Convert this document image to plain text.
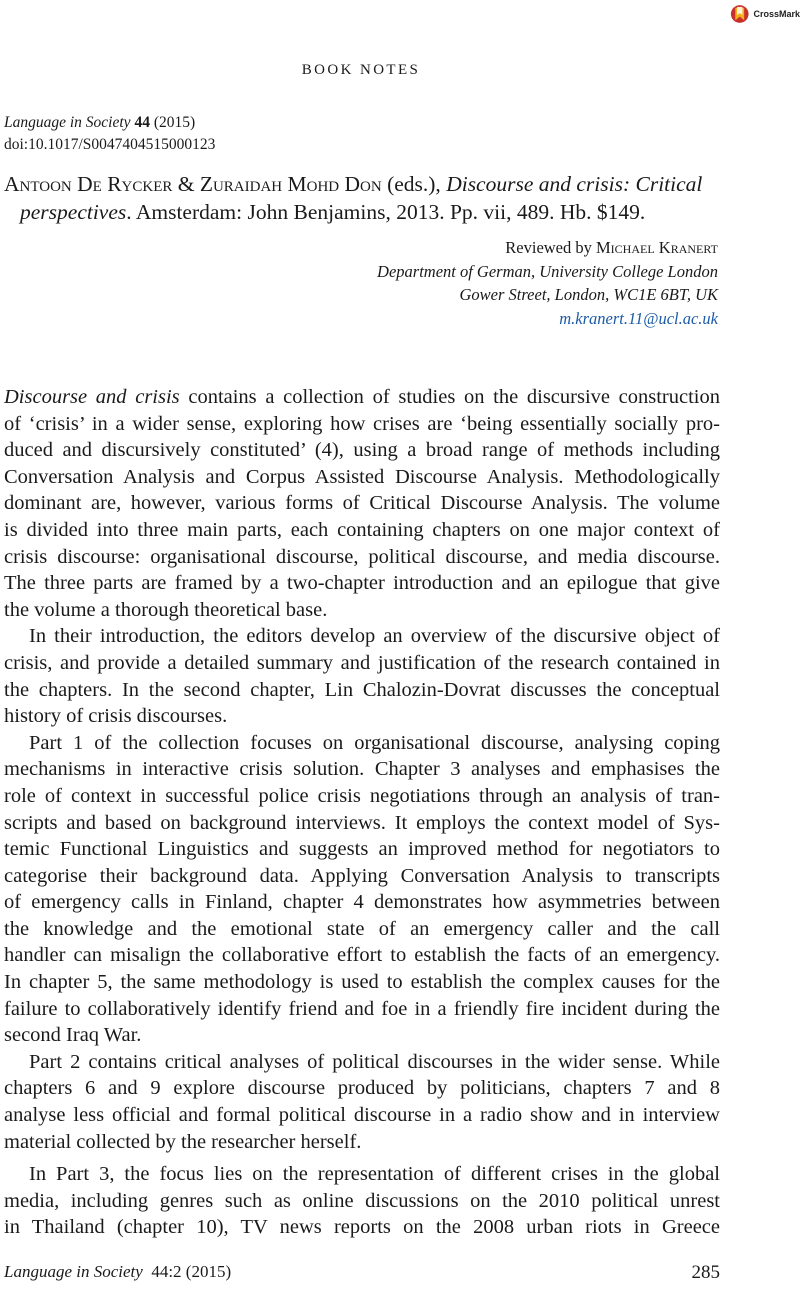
CrossMark
BOOK NOTES
Language in Society 44 (2015)
doi:10.1017/S0047404515000123
Antoon De Rycker & Zuraidah Mohd Don (eds.), Discourse and crisis: Critical
perspectives. Amsterdam: John Benjamins, 2013. Pp. vii, 489. Hb. $149.
Reviewed by Michael Kranert
Department of German, University College London
Gower Street, London, WC1E 6BT, UK
m.kranert.11@ucl.ac.uk

Discourse and crisis contains a collection of studies on the discursive construction
of ‘crisis’ in a wider sense, exploring how crises are ‘being essentially socially pro-
duced and discursively constituted’ (4), using a broad range of methods including
Conversation Analysis and Corpus Assisted Discourse Analysis. Methodologically
dominant are, however, various forms of Critical Discourse Analysis. The volume
is divided into three main parts, each containing chapters on one major context of
crisis discourse: organisational discourse, political discourse, and media discourse.
The three parts are framed by a two-chapter introduction and an epilogue that give
the volume a thorough theoretical base.

In their introduction, the editors develop an overview of the discursive object of
crisis, and provide a detailed summary and justification of the research contained in
the chapters. In the second chapter, Lin Chalozin-Dovrat discusses the conceptual
history of crisis discourses.

Part 1 of the collection focuses on organisational discourse, analysing coping
mechanisms in interactive crisis solution. Chapter 3 analyses and emphasises the
role of context in successful police crisis negotiations through an analysis of tran-
scripts and based on background interviews. It employs the context model of Sys-
temic Functional Linguistics and suggests an improved method for negotiators to
categorise their background data. Applying Conversation Analysis to transcripts
of emergency calls in Finland, chapter 4 demonstrates how asymmetries between
the knowledge and the emotional state of an emergency caller and the call
handler can misalign the collaborative effort to establish the facts of an emergency.
In chapter 5, the same methodology is used to establish the complex causes for the
failure to collaboratively identify friend and foe in a friendly fire incident during the
second Iraq War.

Part 2 contains critical analyses of political discourses in the wider sense. While
chapters 6 and 9 explore discourse produced by politicians, chapters 7 and 8
analyse less official and formal political discourse in a radio show and in interview
material collected by the researcher herself.

In Part 3, the focus lies on the representation of different crises in the global
media, including genres such as online discussions on the 2010 political unrest
in Thailand (chapter 10), TV news reports on the 2008 urban riots in Greece

Language in Society 44:2 (2015)	285
